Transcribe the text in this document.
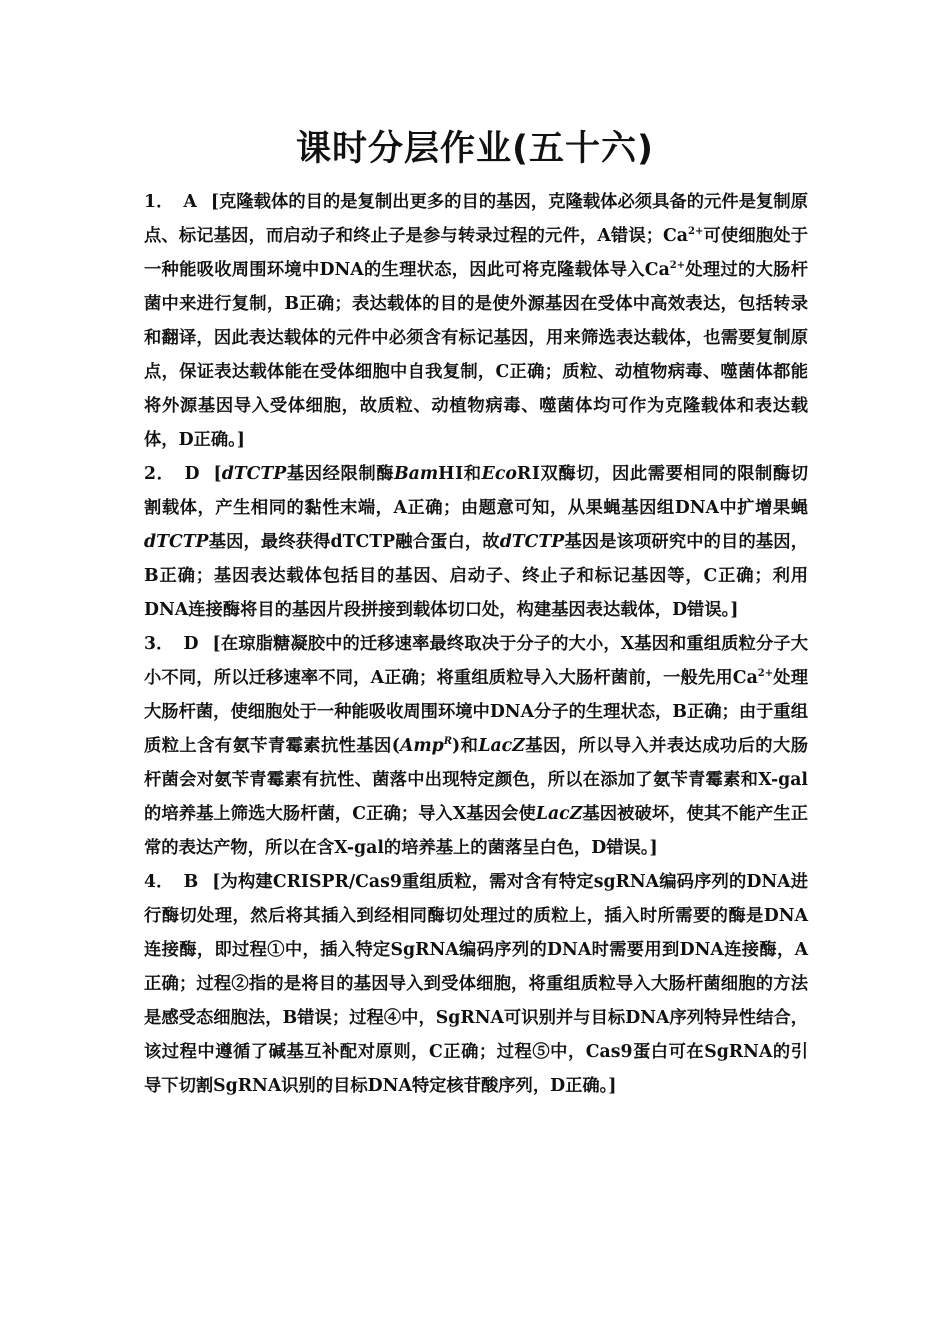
课时分层作业(五十六)

1． A [克隆载体的目的是复制出更多的目的基因，克隆载体必须具备的元件是复制原点、标记基因，而启动子和终止子是参与转录过程的元件，A错误；$Ca^{2+}$可使细胞处于一种能吸收周围环境中DNA的生理状态，因此可将克隆载体导入$Ca^{2+}$处理过的大肠杆菌中来进行复制，B正确；表达载体的目的是使外源基因在受体中高效表达，包括转录和翻译，因此表达载体的元件中必须含有标记基因，用来筛选表达载体，也需要复制原点，保证表达载体能在受体细胞中自我复制，C正确；质粒、动植物病毒、噬菌体都能将外源基因导入受体细胞，故质粒、动植物病毒、噬菌体均可作为克隆载体和表达载体，D正确。]

2． D [dTCTP基因经限制酶BamHⅠ和EcoRⅠ双酶切，因此需要相同的限制酶切割载体，产生相同的黏性末端，A正确；由题意可知，从果蝇基因组DNA中扩增果蝇dTCTP基因，最终获得dTCTP融合蛋白，故dTCTP基因是该项研究中的目的基因，B正确；基因表达载体包括目的基因、启动子、终止子和标记基因等，C正确；利用DNA连接酶将目的基因片段拼接到载体切口处，构建基因表达载体，D错误。]

3． D [在琼脂糖凝胶中的迁移速率最终取决于分子的大小，X基因和重组质粒分子大小不同，所以迁移速率不同，A正确；将重组质粒导入大肠杆菌前，一般先用$Ca^{2+}$处理大肠杆菌，使细胞处于一种能吸收周围环境中DNA分子的生理状态，B正确；由于重组质粒上含有氨苄青霉素抗性基因(Amp$^R$)和LacZ基因，所以导入并表达成功后的大肠杆菌会对氨苄青霉素有抗性、菌落中出现特定颜色，所以在添加了氨苄青霉素和X-gal的培养基上筛选大肠杆菌，C正确；导入X基因会使LacZ基因被破坏，使其不能产生正常的表达产物，所以在含X-gal的培养基上的菌落呈白色，D错误。]

4． B [为构建CRISPR/Cas9重组质粒，需对含有特定sgRNA编码序列的DNA进行酶切处理，然后将其插入到经相同酶切处理过的质粒上，插入时所需要的酶是DNA连接酶，即过程①中，插入特定SgRNA编码序列的DNA时需要用到DNA连接酶，A正确；过程②指的是将目的基因导入到受体细胞，将重组质粒导入大肠杆菌细胞的方法是感受态细胞法，B错误；过程④中，SgRNA可识别并与目标DNA序列特异性结合，该过程中遵循了碱基互补配对原则，C正确；过程⑤中，Cas9蛋白可在SgRNA的引导下切割SgRNA识别的目标DNA特定核苷酸序列，D正确。]
